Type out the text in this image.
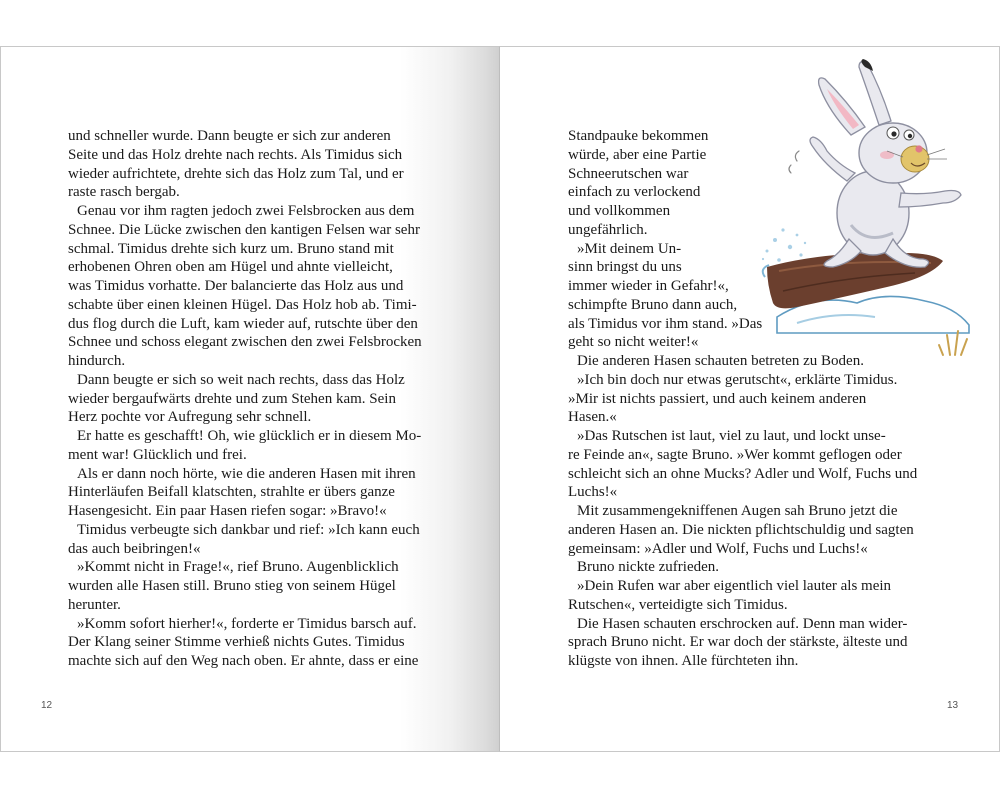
und schneller wurde. Dann beugte er sich zur anderen
Seite und das Holz drehte nach rechts. Als Timidus sich
wieder aufrichtete, drehte sich das Holz zum Tal, und er
raste rasch bergab.
Genau vor ihm ragten jedoch zwei Felsbrocken aus dem
Schnee. Die Lücke zwischen den kantigen Felsen war sehr
schmal. Timidus drehte sich kurz um. Bruno stand mit
erhobenen Ohren oben am Hügel und ahnte vielleicht,
was Timidus vorhatte. Der balancierte das Holz aus und
schabte über einen kleinen Hügel. Das Holz hob ab. Timi-
dus flog durch die Luft, kam wieder auf, rutschte über den
Schnee und schoss elegant zwischen den zwei Felsbrocken
hindurch.
Dann beugte er sich so weit nach rechts, dass das Holz
wieder bergaufwärts drehte und zum Stehen kam. Sein
Herz pochte vor Aufregung sehr schnell.
Er hatte es geschafft! Oh, wie glücklich er in diesem Mo-
ment war! Glücklich und frei.
Als er dann noch hörte, wie die anderen Hasen mit ihren
Hinterläufen Beifall klatschten, strahlte er übers ganze
Hasengesicht. Ein paar Hasen riefen sogar: »Bravo!«
Timidus verbeugte sich dankbar und rief: »Ich kann euch
das auch beibringen!«
»Kommt nicht in Frage!«, rief Bruno. Augenblicklich
wurden alle Hasen still. Bruno stieg von seinem Hügel
herunter.
»Komm sofort hierher!«, forderte er Timidus barsch auf.
Der Klang seiner Stimme verhieß nichts Gutes. Timidus
machte sich auf den Weg nach oben. Er ahnte, dass er eine
12
Standpauke bekommen
würde, aber eine Partie
Schneerutschen war
einfach zu verlockend
und vollkommen
ungefährlich.
»Mit deinem Un-
sinn bringst du uns
immer wieder in Gefahr!«,
schimpfte Bruno dann auch,
als Timidus vor ihm stand. »Das
geht so nicht weiter!«
Die anderen Hasen schauten betreten zu Boden.
»Ich bin doch nur etwas gerutscht«, erklärte Timidus.
»Mir ist nichts passiert, und auch keinem anderen
Hasen.«
»Das Rutschen ist laut, viel zu laut, und lockt unse-
re Feinde an«, sagte Bruno. »Wer kommt geflogen oder
schleicht sich an ohne Mucks? Adler und Wolf, Fuchs und
Luchs!«
Mit zusammengekniffenen Augen sah Bruno jetzt die
anderen Hasen an. Die nickten pflichtschuldig und sagten
gemeinsam: »Adler und Wolf, Fuchs und Luchs!«
Bruno nickte zufrieden.
»Dein Rufen war aber eigentlich viel lauter als mein
Rutschen«, verteidigte sich Timidus.
Die Hasen schauten erschrocken auf. Denn man wider-
sprach Bruno nicht. Er war doch der stärkste, älteste und
klügste von ihnen. Alle fürchteten ihn.
13
